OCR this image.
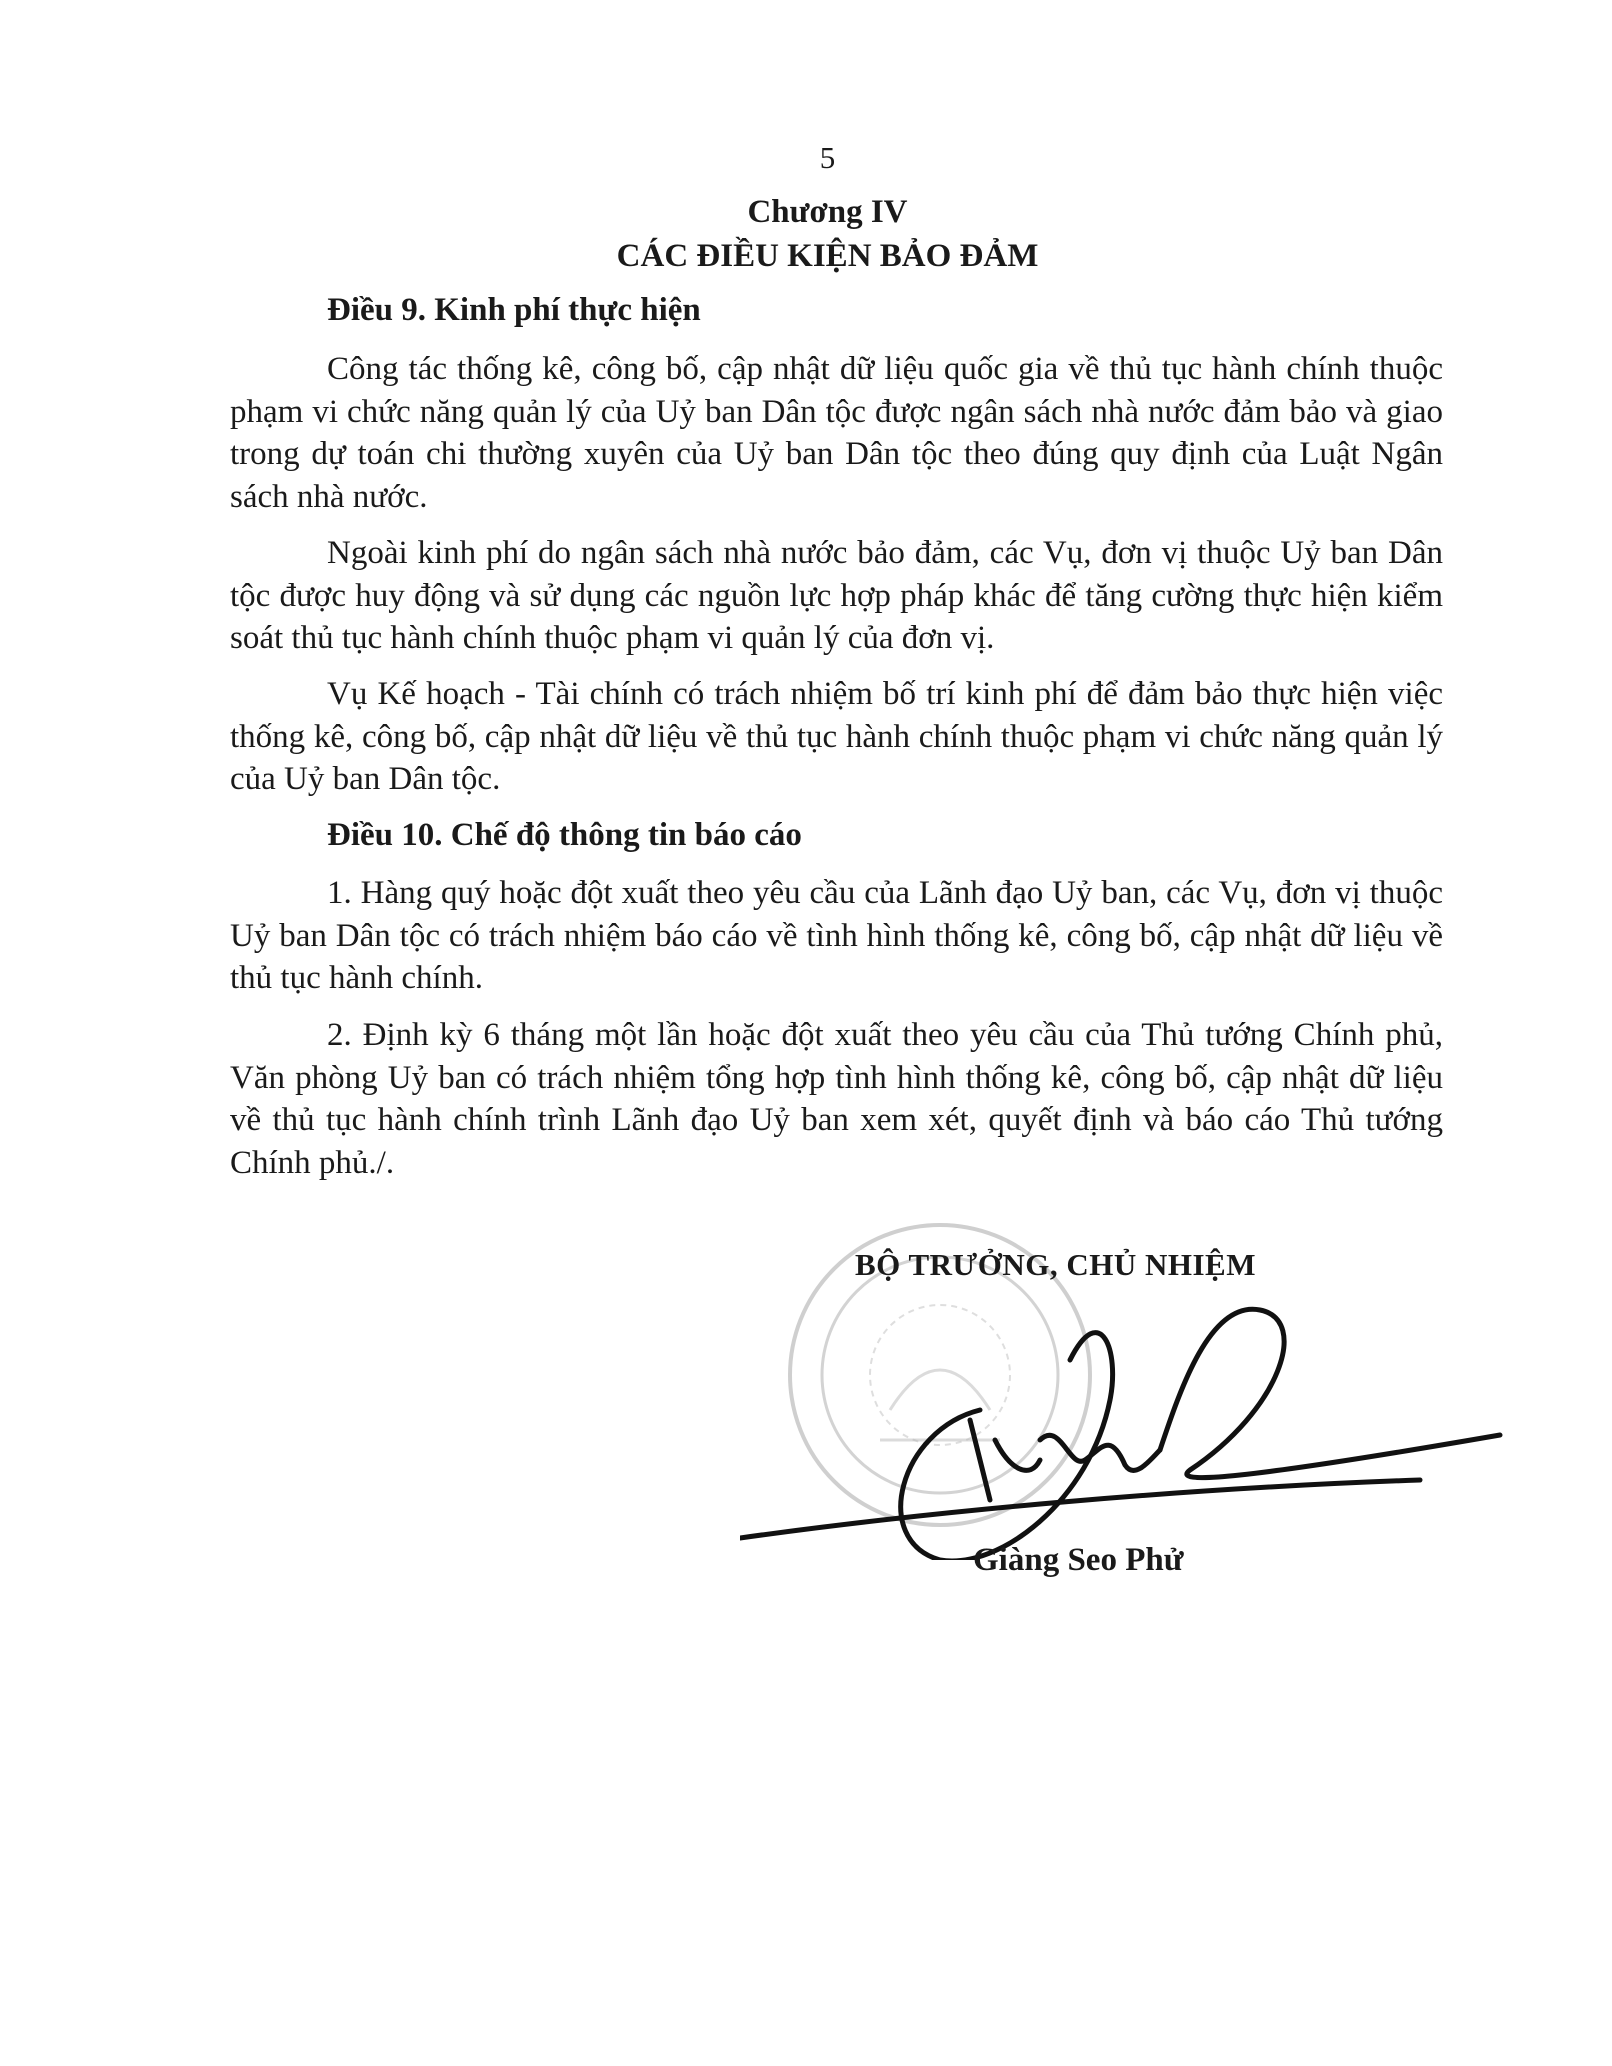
5
Chương IV
CÁC ĐIỀU KIỆN BẢO ĐẢM
Điều 9. Kinh phí thực hiện

Công tác thống kê, công bố, cập nhật dữ liệu quốc gia về thủ tục hành chính thuộc phạm vi chức năng quản lý của Uỷ ban Dân tộc được ngân sách nhà nước đảm bảo và giao trong dự toán chi thường xuyên của Uỷ ban Dân tộc theo đúng quy định của Luật Ngân sách nhà nước.

Ngoài kinh phí do ngân sách nhà nước bảo đảm, các Vụ, đơn vị thuộc Uỷ ban Dân tộc được huy động và sử dụng các nguồn lực hợp pháp khác để tăng cường thực hiện kiểm soát thủ tục hành chính thuộc phạm vi quản lý của đơn vị.

Vụ Kế hoạch - Tài chính có trách nhiệm bố trí kinh phí để đảm bảo thực hiện việc thống kê, công bố, cập nhật dữ liệu về thủ tục hành chính thuộc phạm vi chức năng quản lý của Uỷ ban Dân tộc.

Điều 10. Chế độ thông tin báo cáo

1. Hàng quý hoặc đột xuất theo yêu cầu của Lãnh đạo Uỷ ban, các Vụ, đơn vị thuộc Uỷ ban Dân tộc có trách nhiệm báo cáo về tình hình thống kê, công bố, cập nhật dữ liệu về thủ tục hành chính.

2. Định kỳ 6 tháng một lần hoặc đột xuất theo yêu cầu của Thủ tướng Chính phủ, Văn phòng Uỷ ban có trách nhiệm tổng hợp tình hình thống kê, công bố, cập nhật dữ liệu về thủ tục hành chính trình Lãnh đạo Uỷ ban xem xét, quyết định và báo cáo Thủ tướng Chính phủ./.

BỘ TRƯỞNG, CHỦ NHIỆM
Giàng Seo Phử
